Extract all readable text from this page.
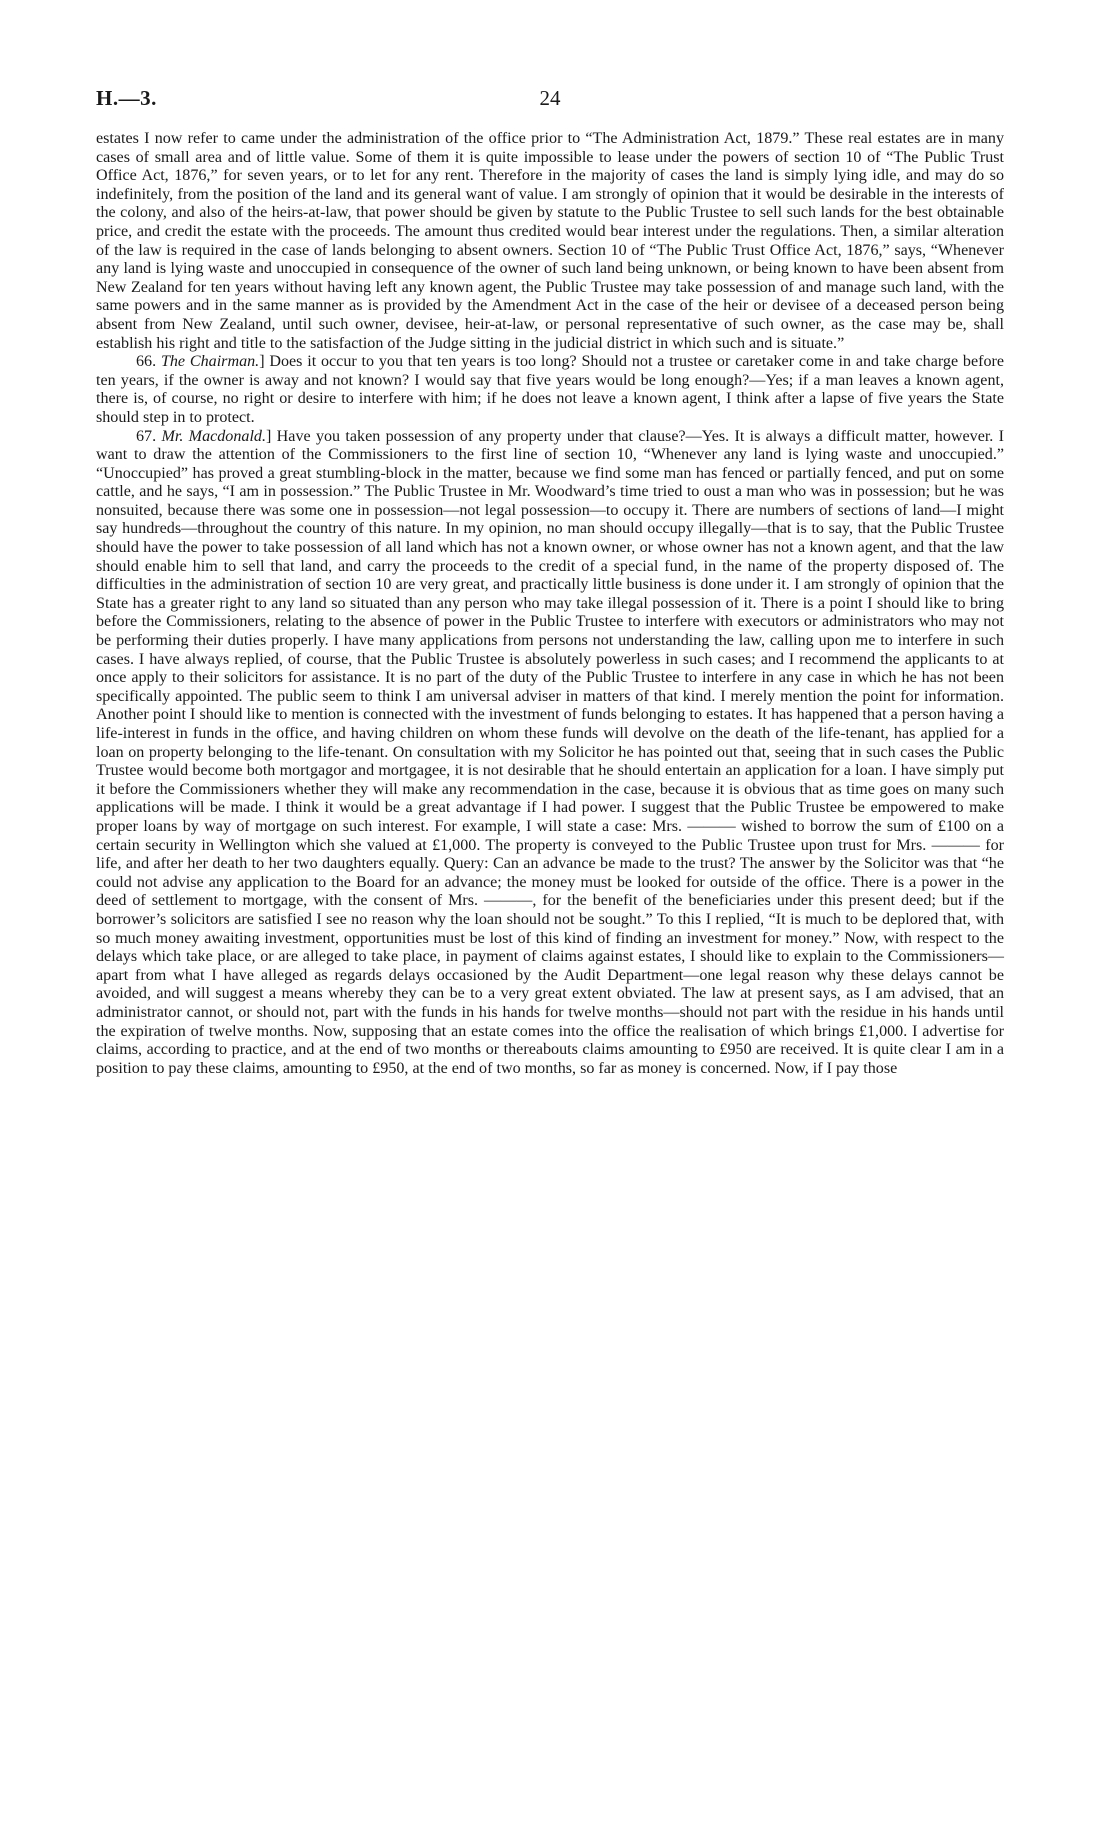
H.—3.	24

estates I now refer to came under the administration of the office prior to “The Administration Act, 1879.” These real estates are in many cases of small area and of little value. Some of them it is quite impossible to lease under the powers of section 10 of “The Public Trust Office Act, 1876,” for seven years, or to let for any rent. Therefore in the majority of cases the land is simply lying idle, and may do so indefinitely, from the position of the land and its general want of value. I am strongly of opinion that it would be desirable in the interests of the colony, and also of the heirs-at-law, that power should be given by statute to the Public Trustee to sell such lands for the best obtainable price, and credit the estate with the proceeds. The amount thus credited would bear interest under the regulations. Then, a similar alteration of the law is required in the case of lands belonging to absent owners. Section 10 of “The Public Trust Office Act, 1876,” says, “Whenever any land is lying waste and unoccupied in consequence of the owner of such land being unknown, or being known to have been absent from New Zealand for ten years without having left any known agent, the Public Trustee may take possession of and manage such land, with the same powers and in the same manner as is provided by the Amendment Act in the case of the heir or devisee of a deceased person being absent from New Zealand, until such owner, devisee, heir-at-law, or personal representative of such owner, as the case may be, shall establish his right and title to the satisfaction of the Judge sitting in the judicial district in which such and is situate.”

66. The Chairman.] Does it occur to you that ten years is too long? Should not a trustee or caretaker come in and take charge before ten years, if the owner is away and not known? I would say that five years would be long enough?—Yes; if a man leaves a known agent, there is, of course, no right or desire to interfere with him; if he does not leave a known agent, I think after a lapse of five years the State should step in to protect.

67. Mr. Macdonald.] Have you taken possession of any property under that clause?—Yes. It is always a difficult matter, however. I want to draw the attention of the Commissioners to the first line of section 10, “Whenever any land is lying waste and unoccupied.” “Unoccupied” has proved a great stumbling-block in the matter, because we find some man has fenced or partially fenced, and put on some cattle, and he says, “I am in possession.” The Public Trustee in Mr. Woodward’s time tried to oust a man who was in possession; but he was nonsuited, because there was some one in possession—not legal possession—to occupy it. There are numbers of sections of land—I might say hundreds—throughout the country of this nature. In my opinion, no man should occupy illegally—that is to say, that the Public Trustee should have the power to take possession of all land which has not a known owner, or whose owner has not a known agent, and that the law should enable him to sell that land, and carry the proceeds to the credit of a special fund, in the name of the property disposed of. The difficulties in the administration of section 10 are very great, and practically little business is done under it. I am strongly of opinion that the State has a greater right to any land so situated than any person who may take illegal possession of it. There is a point I should like to bring before the Commissioners, relating to the absence of power in the Public Trustee to interfere with executors or administrators who may not be performing their duties properly. I have many applications from persons not understanding the law, calling upon me to interfere in such cases. I have always replied, of course, that the Public Trustee is absolutely powerless in such cases; and I recommend the applicants to at once apply to their solicitors for assistance. It is no part of the duty of the Public Trustee to interfere in any case in which he has not been specifically appointed. The public seem to think I am universal adviser in matters of that kind. I merely mention the point for information. Another point I should like to mention is connected with the investment of funds belonging to estates. It has happened that a person having a life-interest in funds in the office, and having children on whom these funds will devolve on the death of the life-tenant, has applied for a loan on property belonging to the life-tenant. On consultation with my Solicitor he has pointed out that, seeing that in such cases the Public Trustee would become both mortgagor and mortgagee, it is not desirable that he should entertain an application for a loan. I have simply put it before the Commissioners whether they will make any recommendation in the case, because it is obvious that as time goes on many such applications will be made. I think it would be a great advantage if I had power. I suggest that the Public Trustee be empowered to make proper loans by way of mortgage on such interest. For example, I will state a case: Mrs. ——— wished to borrow the sum of £100 on a certain security in Wellington which she valued at £1,000. The property is conveyed to the Public Trustee upon trust for Mrs. ——— for life, and after her death to her two daughters equally. Query: Can an advance be made to the trust? The answer by the Solicitor was that “he could not advise any application to the Board for an advance; the money must be looked for outside of the office. There is a power in the deed of settlement to mortgage, with the consent of Mrs. ———, for the benefit of the beneficiaries under this present deed; but if the borrower’s solicitors are satisfied I see no reason why the loan should not be sought.” To this I replied, “It is much to be deplored that, with so much money awaiting investment, opportunities must be lost of this kind of finding an investment for money.” Now, with respect to the delays which take place, or are alleged to take place, in payment of claims against estates, I should like to explain to the Commissioners—apart from what I have alleged as regards delays occasioned by the Audit Department—one legal reason why these delays cannot be avoided, and will suggest a means whereby they can be to a very great extent obviated. The law at present says, as I am advised, that an administrator cannot, or should not, part with the funds in his hands for twelve months—should not part with the residue in his hands until the expiration of twelve months. Now, supposing that an estate comes into the office the realisation of which brings £1,000. I advertise for claims, according to practice, and at the end of two months or thereabouts claims amounting to £950 are received. It is quite clear I am in a position to pay these claims, amounting to £950, at the end of two months, so far as money is concerned. Now, if I pay those
